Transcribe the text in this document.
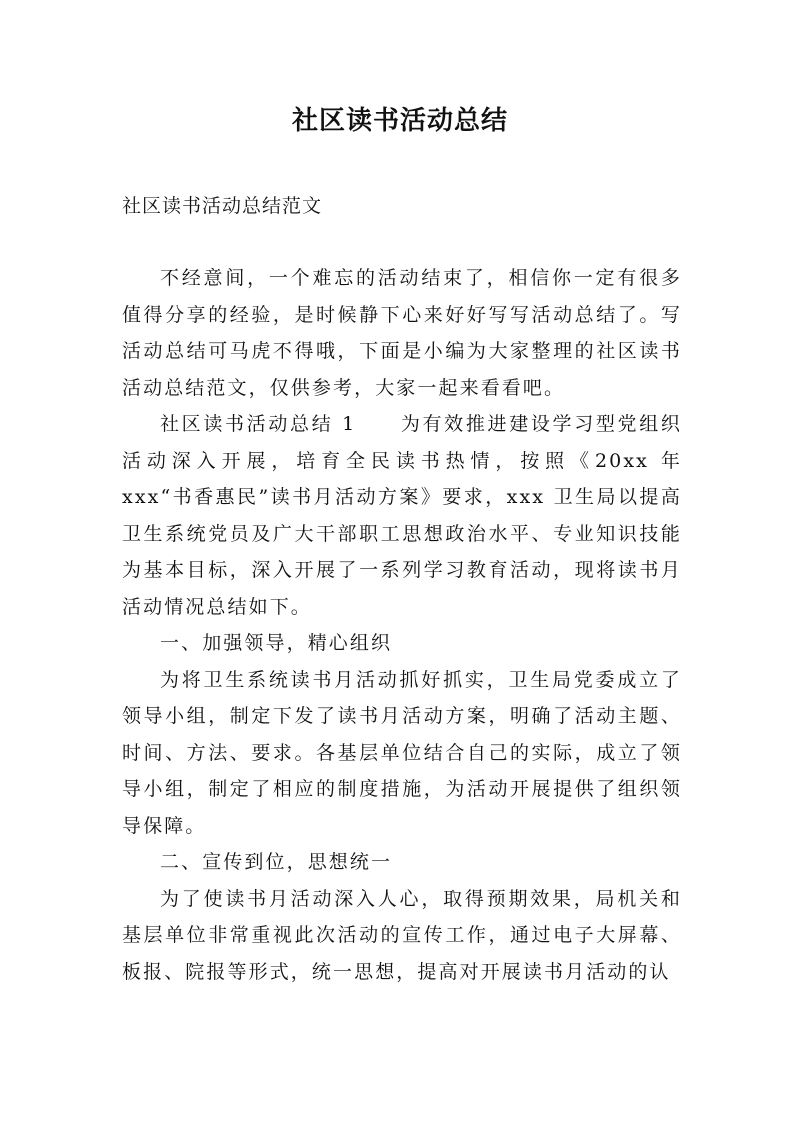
社区读书活动总结

社区读书活动总结范文

不经意间，一个难忘的活动结束了，相信你一定有很多值得分享的经验，是时候静下心来好好写写活动总结了。写活动总结可马虎不得哦，下面是小编为大家整理的社区读书活动总结范文，仅供参考，大家一起来看看吧。

社区读书活动总结 1 为有效推进建设学习型党组织活动深入开展，培育全民读书热情，按照《20xx 年 xxx“书香惠民”读书月活动方案》要求，xxx 卫生局以提高卫生系统党员及广大干部职工思想政治水平、专业知识技能为基本目标，深入开展了一系列学习教育活动，现将读书月活动情况总结如下。

一、加强领导，精心组织

为将卫生系统读书月活动抓好抓实，卫生局党委成立了领导小组，制定下发了读书月活动方案，明确了活动主题、时间、方法、要求。各基层单位结合自己的实际，成立了领导小组，制定了相应的制度措施，为活动开展提供了组织领导保障。

二、宣传到位，思想统一

为了使读书月活动深入人心，取得预期效果，局机关和基层单位非常重视此次活动的宣传工作，通过电子大屏幕、板报、院报等形式，统一思想，提高对开展读书月活动的认
